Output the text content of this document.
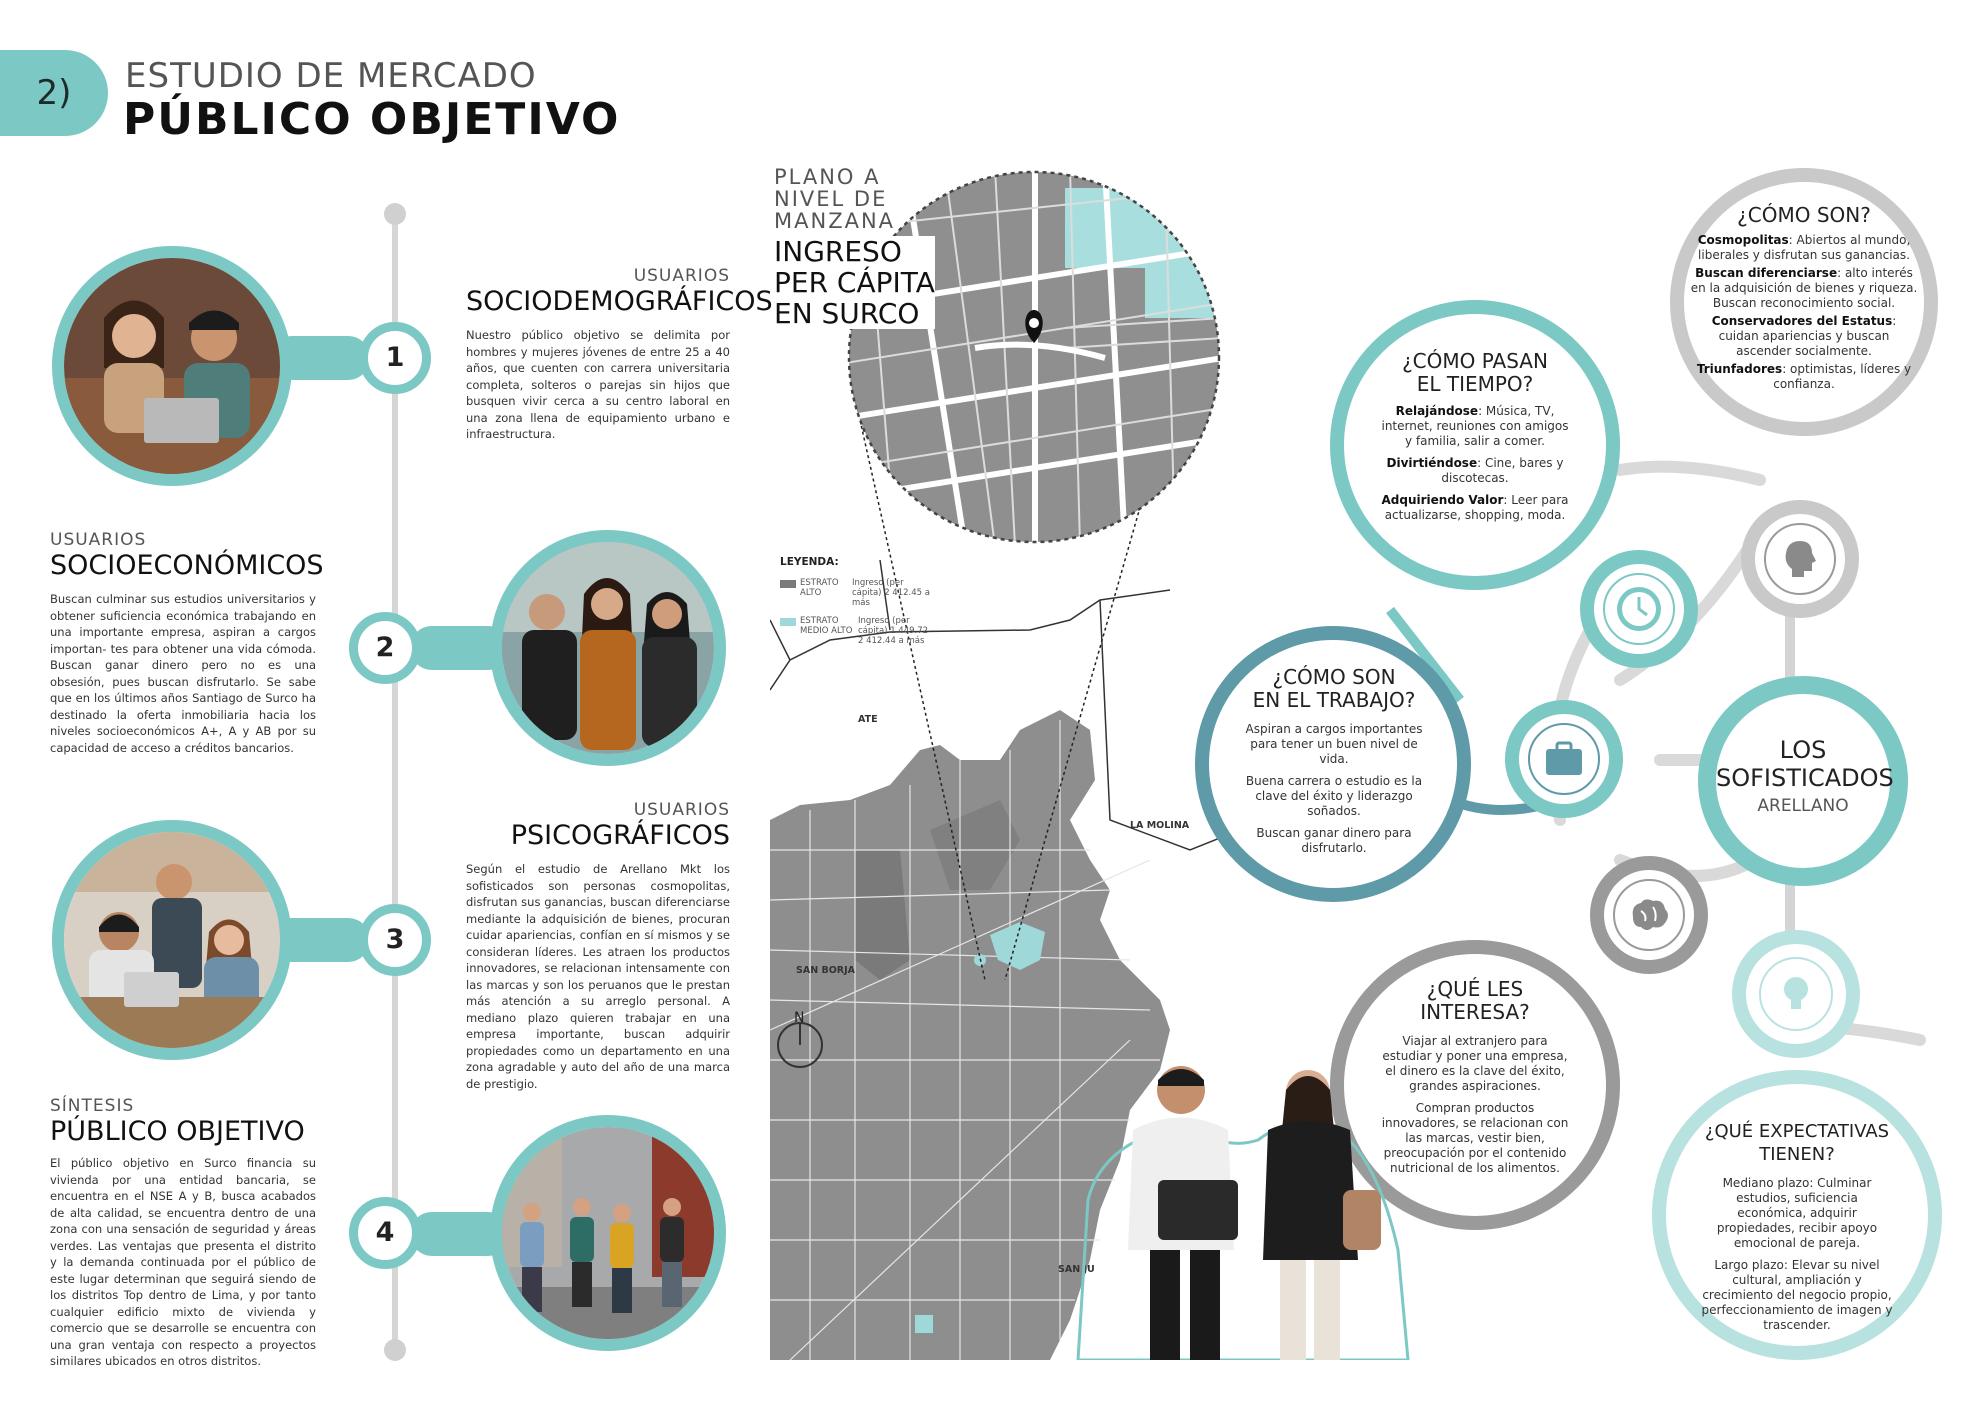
2)	ESTUDIO DE MERCADO
PÚBLICO OBJETIVO
1
2
3
4
USUARIOS
SOCIODEMOGRÁFICOS
Nuestro público objetivo se delimita por hombres y mujeres jóvenes de entre 25 a 40 años, que cuenten con carrera universitaria completa, solteros o parejas sin hijos que busquen vivir cerca a su centro laboral en una zona llena de equipamiento urbano e infraestructura.
USUARIOS
SOCIOECONÓMICOS
Buscan culminar sus estudios universitarios y obtener suficiencia económica trabajando en una importante empresa, aspiran a cargos importan- tes para obtener una vida cómoda. Buscan ganar dinero pero no es una obsesión, pues buscan disfrutarlo. Se sabe que en los últimos años Santiago de Surco ha destinado la oferta inmobiliaria hacia los niveles socioeconómicos A+, A y AB por su capacidad de acceso a créditos bancarios.
USUARIOS
PSICOGRÁFICOS
Según el estudio de Arellano Mkt los sofisticados son personas cosmopolitas, disfrutan sus ganancias, buscan diferenciarse mediante la adquisición de bienes, procuran cuidar apariencias, confían en sí mismos y se consideran líderes. Les atraen los productos innovadores, se relacionan intensamente con las marcas y son los peruanos que le prestan más atención a su arreglo personal. A mediano plazo quieren trabajar en una empresa importante, buscan adquirir propiedades como un departamento en una zona agradable y auto del año de una marca de prestigio.
SÍNTESIS
PÚBLICO OBJETIVO
El público objetivo en Surco financia su vivienda por una entidad bancaria, se encuentra en el NSE A y B, busca acabados de alta calidad, se encuentra dentro de una zona con una sensación de seguridad y áreas verdes. Las ventajas que presenta el distrito y la demanda continuada por el público de este lugar determinan que seguirá siendo de los distritos Top dentro de Lima, y por tanto cualquier edificio mixto de vivienda y comercio que se desarrolle se encuentra con una gran ventaja con respecto a proyectos similares ubicados en otros distritos.
ATE
LA MOLINA
SAN BORJA
SAN JU
N
PLANO A
NIVEL DE
MANZANA
INGRESO
PER CÁPITA
EN SURCO
LEYENDA:
ESTRATO ALTO
Ingreso (per cápita) 2 412.45 a más
ESTRATO MEDIO ALTO
Ingreso (per cápita) 1 449.72 - 2 412.44 a más
¿CÓMO SON?
Cosmopolitas: Abiertos al mundo, liberales y disfrutan sus ganancias.
Buscan diferenciarse: alto interés en la adquisición de bienes y riqueza. Buscan reconocimiento social.
Conservadores del Estatus: cuidan apariencias y buscan ascender socialmente.
Triunfadores: optimistas, líderes y confianza.
¿CÓMO PASAN
EL TIEMPO?
Relajándose: Música, TV, internet, reuniones con amigos y familia, salir a comer.
Divirtiéndose: Cine, bares y discotecas.
Adquiriendo Valor: Leer para actualizarse, shopping, moda.
¿CÓMO SON
EN EL TRABAJO?
Aspiran a cargos importantes para tener un buen nivel de vida.
Buena carrera o estudio es la clave del éxito y liderazgo soñados.
Buscan ganar dinero para disfrutarlo.
LOS
SOFISTICADOS
ARELLANO
¿QUÉ LES
INTERESA?
Viajar al extranjero para estudiar y poner una empresa, el dinero es la clave del éxito, grandes aspiraciones.
Compran productos innovadores, se relacionan con las marcas, vestir bien, preocupación por el contenido nutricional de los alimentos.
¿QUÉ EXPECTATIVAS
TIENEN?
Mediano plazo: Culminar estudios, suficiencia económica, adquirir propiedades, recibir apoyo emocional de pareja.
Largo plazo: Elevar su nivel cultural, ampliación y crecimiento del negocio propio, perfeccionamiento de imagen y trascender.
